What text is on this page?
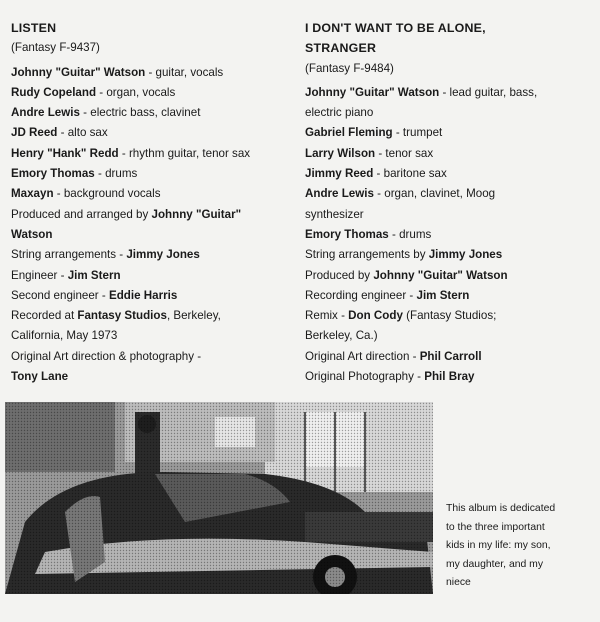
LISTEN
(Fantasy F-9437)
Johnny "Guitar" Watson - guitar, vocals
Rudy Copeland - organ, vocals
Andre Lewis - electric bass, clavinet
JD Reed - alto sax
Henry "Hank" Redd - rhythm guitar, tenor sax
Emory Thomas - drums
Maxayn - background vocals
Produced and arranged by Johnny "Guitar"
Watson
String arrangements - Jimmy Jones
Engineer - Jim Stern
Second engineer - Eddie Harris
Recorded at Fantasy Studios, Berkeley,
California, May 1973
Original Art direction & photography -
Tony Lane
I DON'T WANT TO BE ALONE,
STRANGER
(Fantasy F-9484)
Johnny "Guitar" Watson - lead guitar, bass,
electric piano
Gabriel Fleming - trumpet
Larry Wilson - tenor sax
Jimmy Reed - baritone sax
Andre Lewis - organ, clavinet, Moog
synthesizer
Emory Thomas - drums
String arrangements by Jimmy Jones
Produced by Johnny "Guitar" Watson
Recording engineer - Jim Stern
Remix - Don Cody (Fantasy Studios;
Berkeley, Ca.)
Original Art direction - Phil Carroll
Original Photography - Phil Bray
This album is dedicated
to the three important
kids in my life: my son,
my daughter, and my
niece
